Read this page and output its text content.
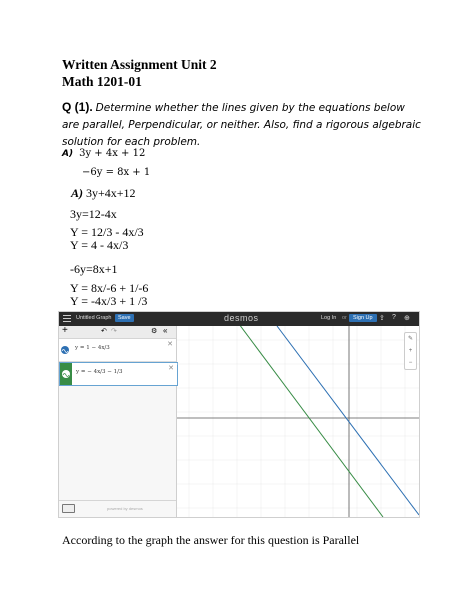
Written Assignment Unit 2
Math 1201-01
Q (1). Determine whether the lines given by the equations below are parallel, Perpendicular, or neither. Also, find a rigorous algebraic solution for each problem.
A) 3y + 4x + 12
−6y = 8x + 1
A) 3y+4x+12
3y=12-4x
Y = 12/3 - 4x/3
Y = 4 - 4x/3
-6y=8x+1
Y = 8x/-6 + 1/-6
Y = -4x/3 + 1 /3
Untitled Graph	Save	desmos	Log In or	Sign Up ⇪ ? ⊕
+	↶ ↷	⚙ «
y = 1 − 4x/3	✕
y = − 4x/3 − 1/3	✕
powered by desmos
✎
+
−
According to the graph the answer for this question is Parallel
